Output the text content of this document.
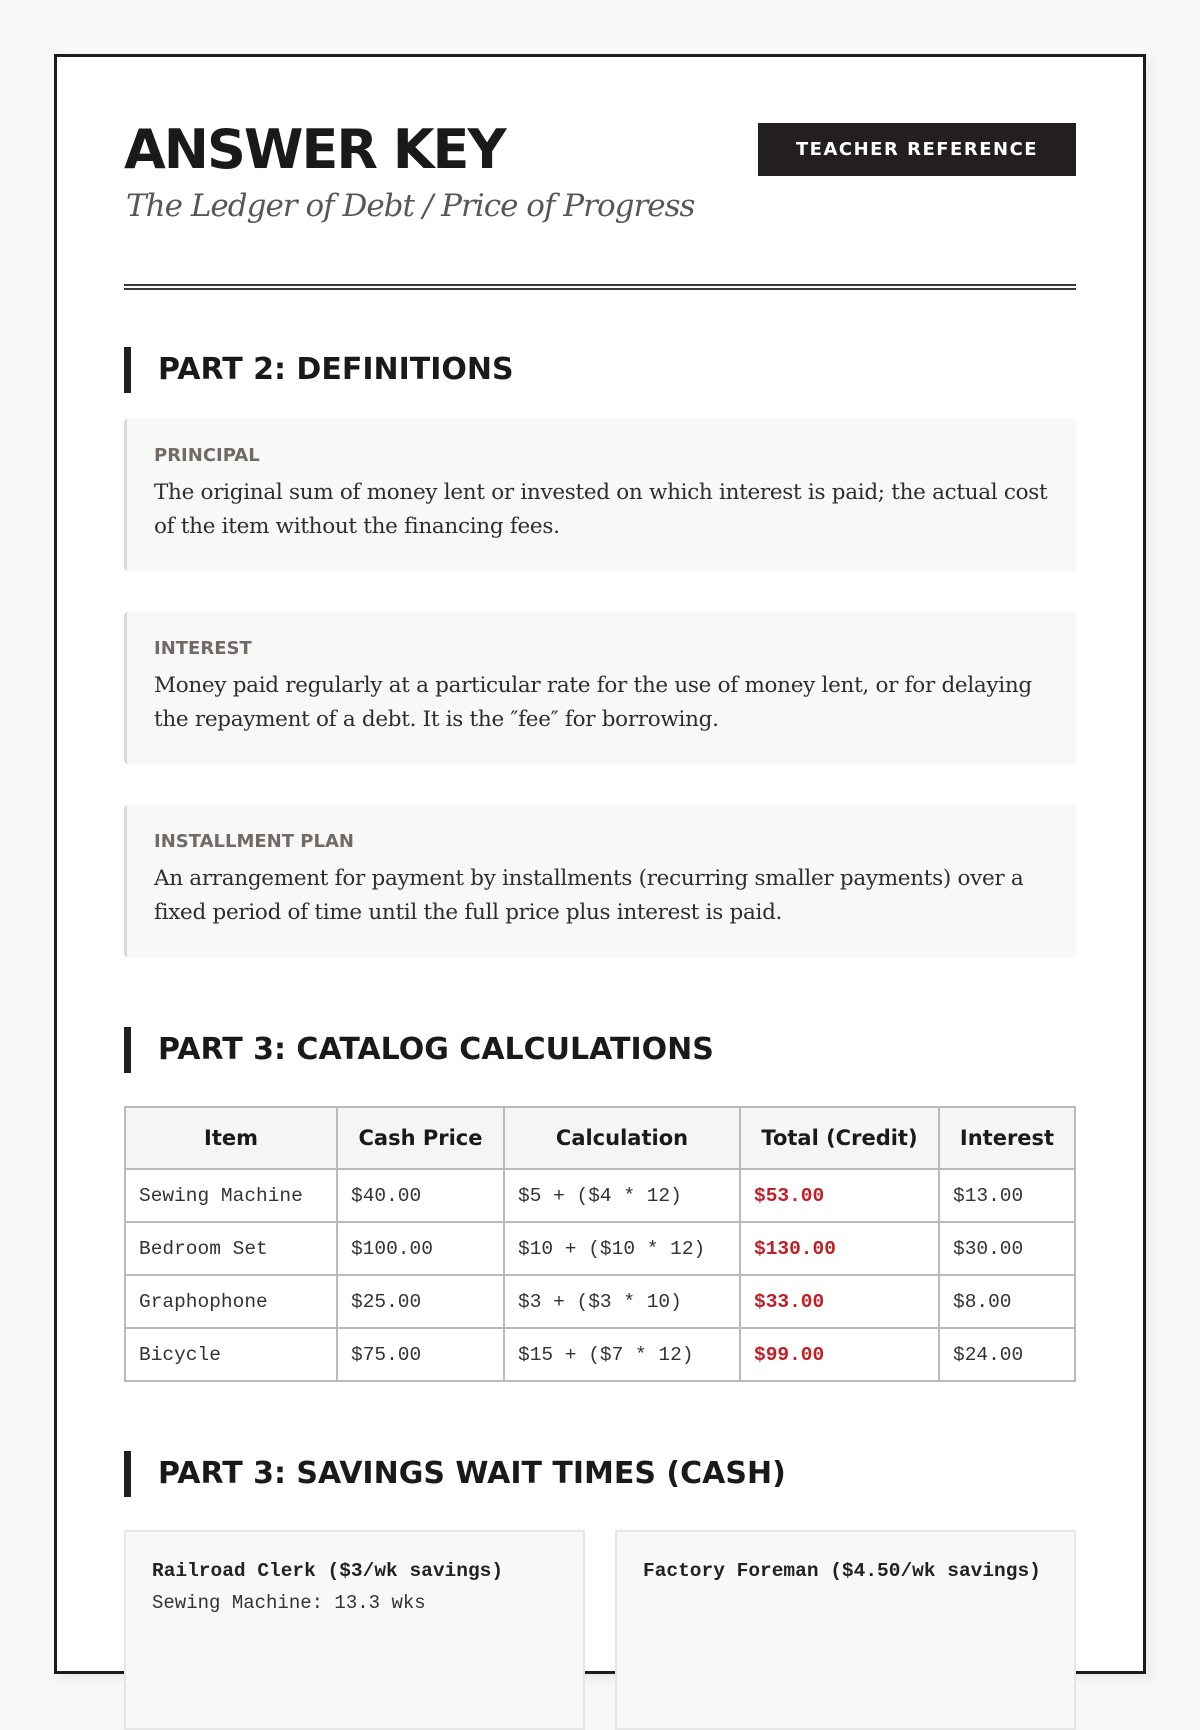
ANSWER KEY

The Ledger of Debt / Price of Progress

TEACHER REFERENCE
PART 2: DEFINITIONS

PRINCIPAL

The original sum of money lent or invested on which interest is paid; the actual cost of the item without the financing fees.

INTEREST

Money paid regularly at a particular rate for the use of money lent, or for delaying the repayment of a debt. It is the ″fee″ for borrowing.

INSTALLMENT PLAN

An arrangement for payment by installments (recurring smaller payments) over a fixed period of time until the full price plus interest is paid.

PART 3: CATALOG CALCULATIONS
Item	Cash Price	Calculation	Total (Credit)	Interest
Sewing Machine	$40.00	$5 + ($4 * 12)	$53.00	$13.00
Bedroom Set	$100.00	$10 + ($10 * 12)	$130.00	$30.00
Graphophone	$25.00	$3 + ($3 * 10)	$33.00	$8.00
Bicycle	$75.00	$15 + ($7 * 12)	$99.00	$24.00
PART 3: SAVINGS WAIT TIMES (CASH)

Railroad Clerk ($3/wk savings)

Sewing Machine: 13.3 wks

Factory Foreman ($4.50/wk savings)
